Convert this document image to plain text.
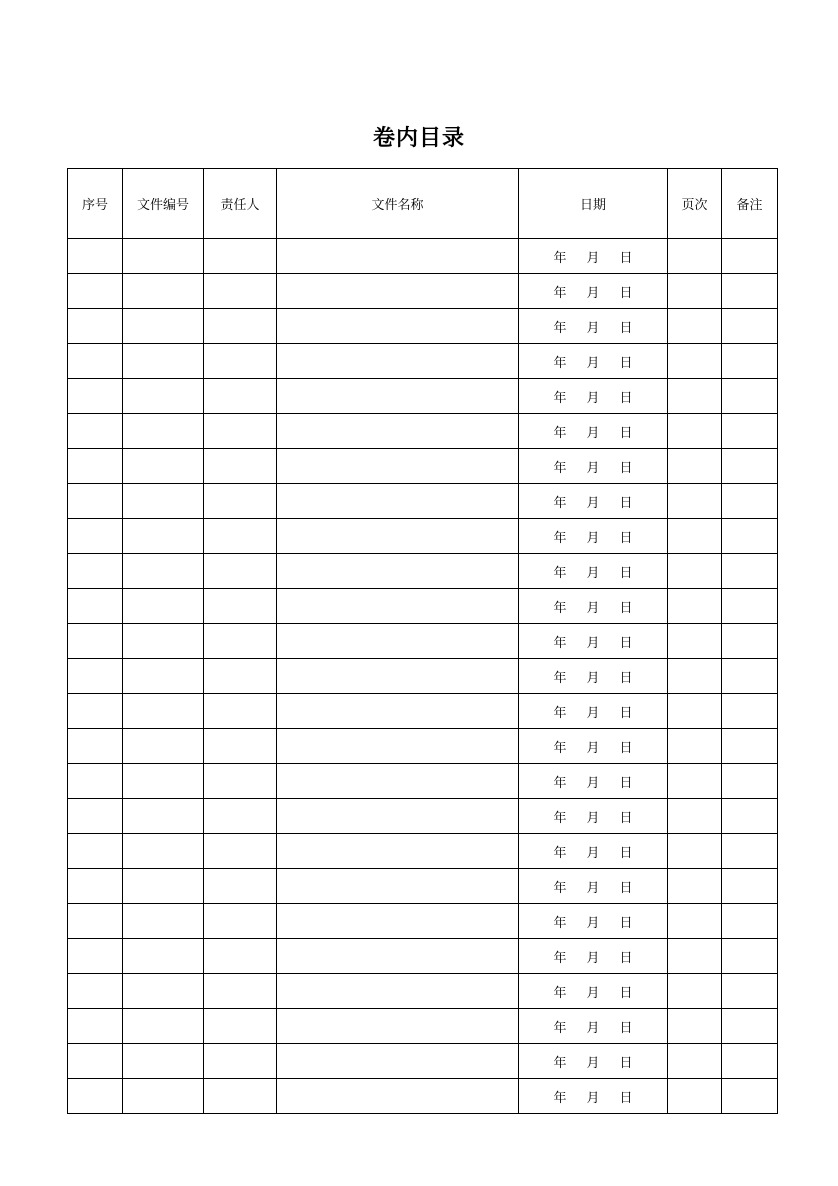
卷内目录
序号	文件编号	责任人	文件名称	日期	页次	备注
				年 月 日		
				年 月 日		
				年 月 日		
				年 月 日		
				年 月 日		
				年 月 日		
				年 月 日		
				年 月 日		
				年 月 日		
				年 月 日		
				年 月 日		
				年 月 日		
				年 月 日		
				年 月 日		
				年 月 日		
				年 月 日		
				年 月 日		
				年 月 日		
				年 月 日		
				年 月 日		
				年 月 日		
				年 月 日		
				年 月 日		
				年 月 日		
				年 月 日		
